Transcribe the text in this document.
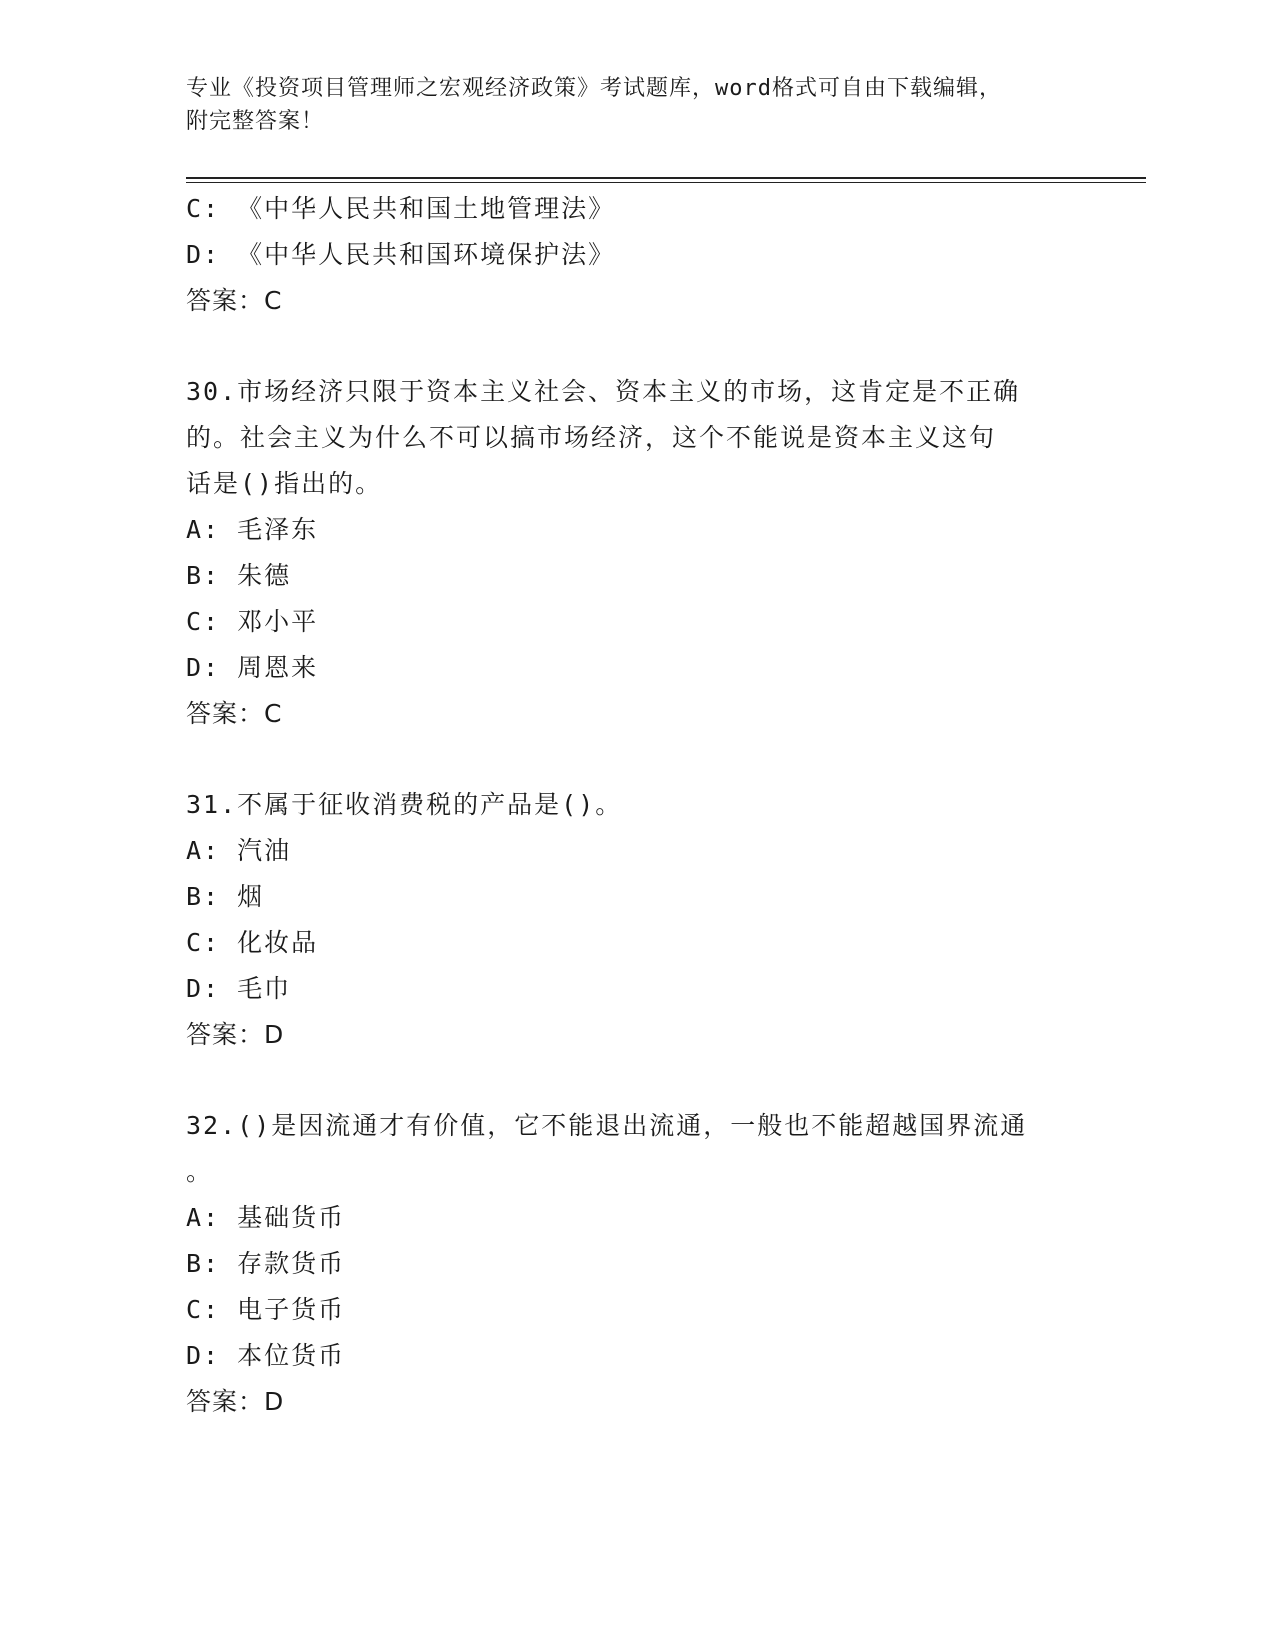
专业《投资项目管理师之宏观经济政策》考试题库，word格式可自由下载编辑，
附完整答案！
C: 《中华人民共和国土地管理法》
D: 《中华人民共和国环境保护法》
答案：C
30.市场经济只限于资本主义社会、资本主义的市场，这肯定是不正确
的。社会主义为什么不可以搞市场经济，这个不能说是资本主义这句
话是()指出的。
A: 毛泽东
B: 朱德
C: 邓小平
D: 周恩来
答案：C
31.不属于征收消费税的产品是()。
A: 汽油
B: 烟
C: 化妆品
D: 毛巾
答案：D
32.()是因流通才有价值，它不能退出流通，一般也不能超越国界流通
。
A: 基础货币
B: 存款货币
C: 电子货币
D: 本位货币
答案：D
